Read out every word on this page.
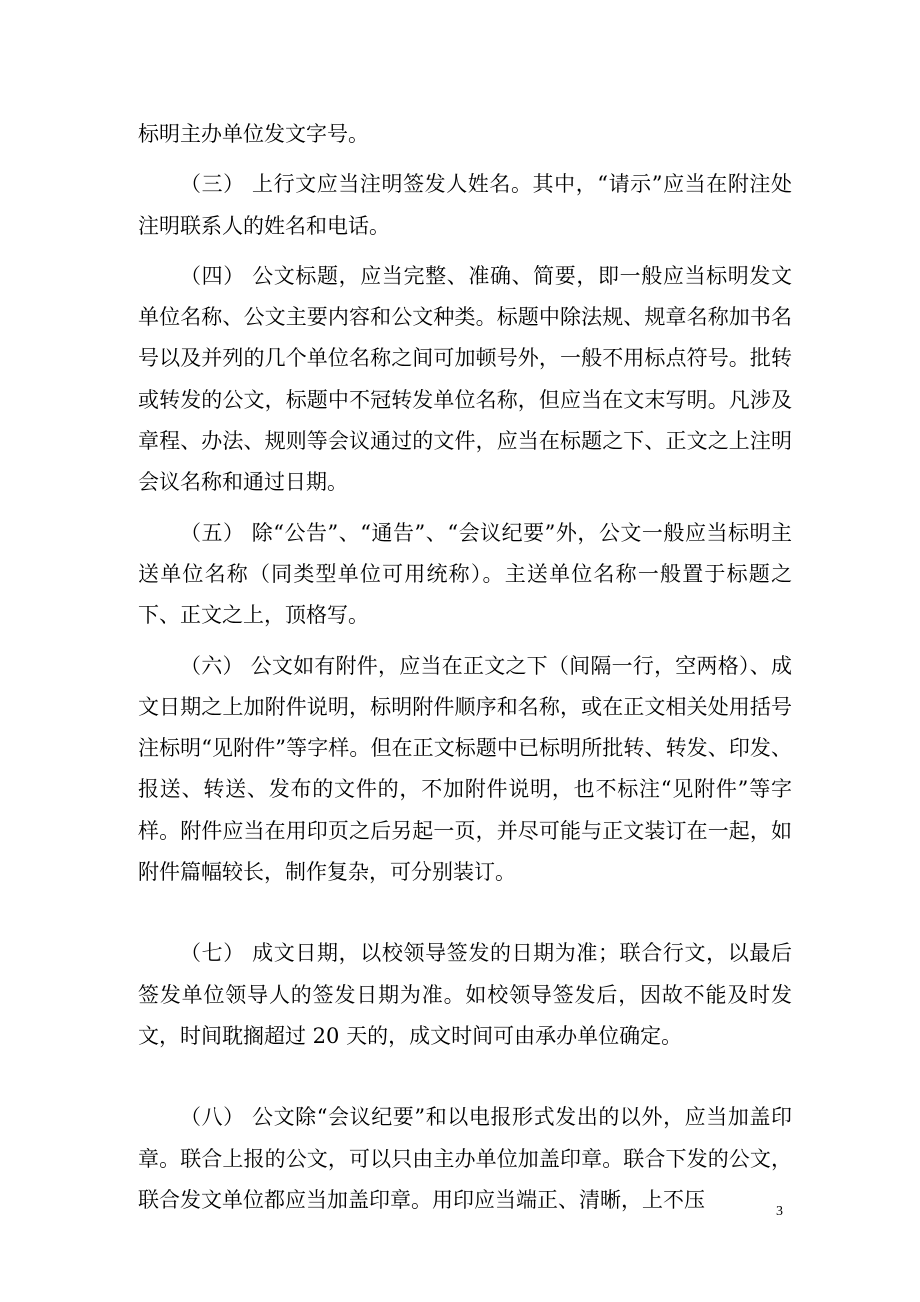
标明主办单位发文字号。

（三） 上行文应当注明签发人姓名。其中，“请示”应当在附注处注明联系人的姓名和电话。

（四） 公文标题，应当完整、准确、简要，即一般应当标明发文单位名称、公文主要内容和公文种类。标题中除法规、规章名称加书名号以及并列的几个单位名称之间可加顿号外，一般不用标点符号。批转或转发的公文，标题中不冠转发单位名称，但应当在文末写明。凡涉及章程、办法、规则等会议通过的文件，应当在标题之下、正文之上注明会议名称和通过日期。

（五） 除“公告”、“通告”、“会议纪要”外，公文一般应当标明主送单位名称（同类型单位可用统称）。主送单位名称一般置于标题之下、正文之上，顶格写。

（六） 公文如有附件，应当在正文之下（间隔一行，空两格）、成文日期之上加附件说明，标明附件顺序和名称，或在正文相关处用括号注标明“见附件”等字样。但在正文标题中已标明所批转、转发、印发、报送、转送、发布的文件的，不加附件说明，也不标注“见附件”等字样。附件应当在用印页之后另起一页，并尽可能与正文装订在一起，如附件篇幅较长，制作复杂，可分别装订。

（七） 成文日期，以校领导签发的日期为准；联合行文，以最后签发单位领导人的签发日期为准。如校领导签发后，因故不能及时发文，时间耽搁超过 20 天的，成文时间可由承办单位确定。

（八） 公文除“会议纪要”和以电报形式发出的以外，应当加盖印章。联合上报的公文，可以只由主办单位加盖印章。联合下发的公文，联合发文单位都应当加盖印章。用印应当端正、清晰，上不压	3
